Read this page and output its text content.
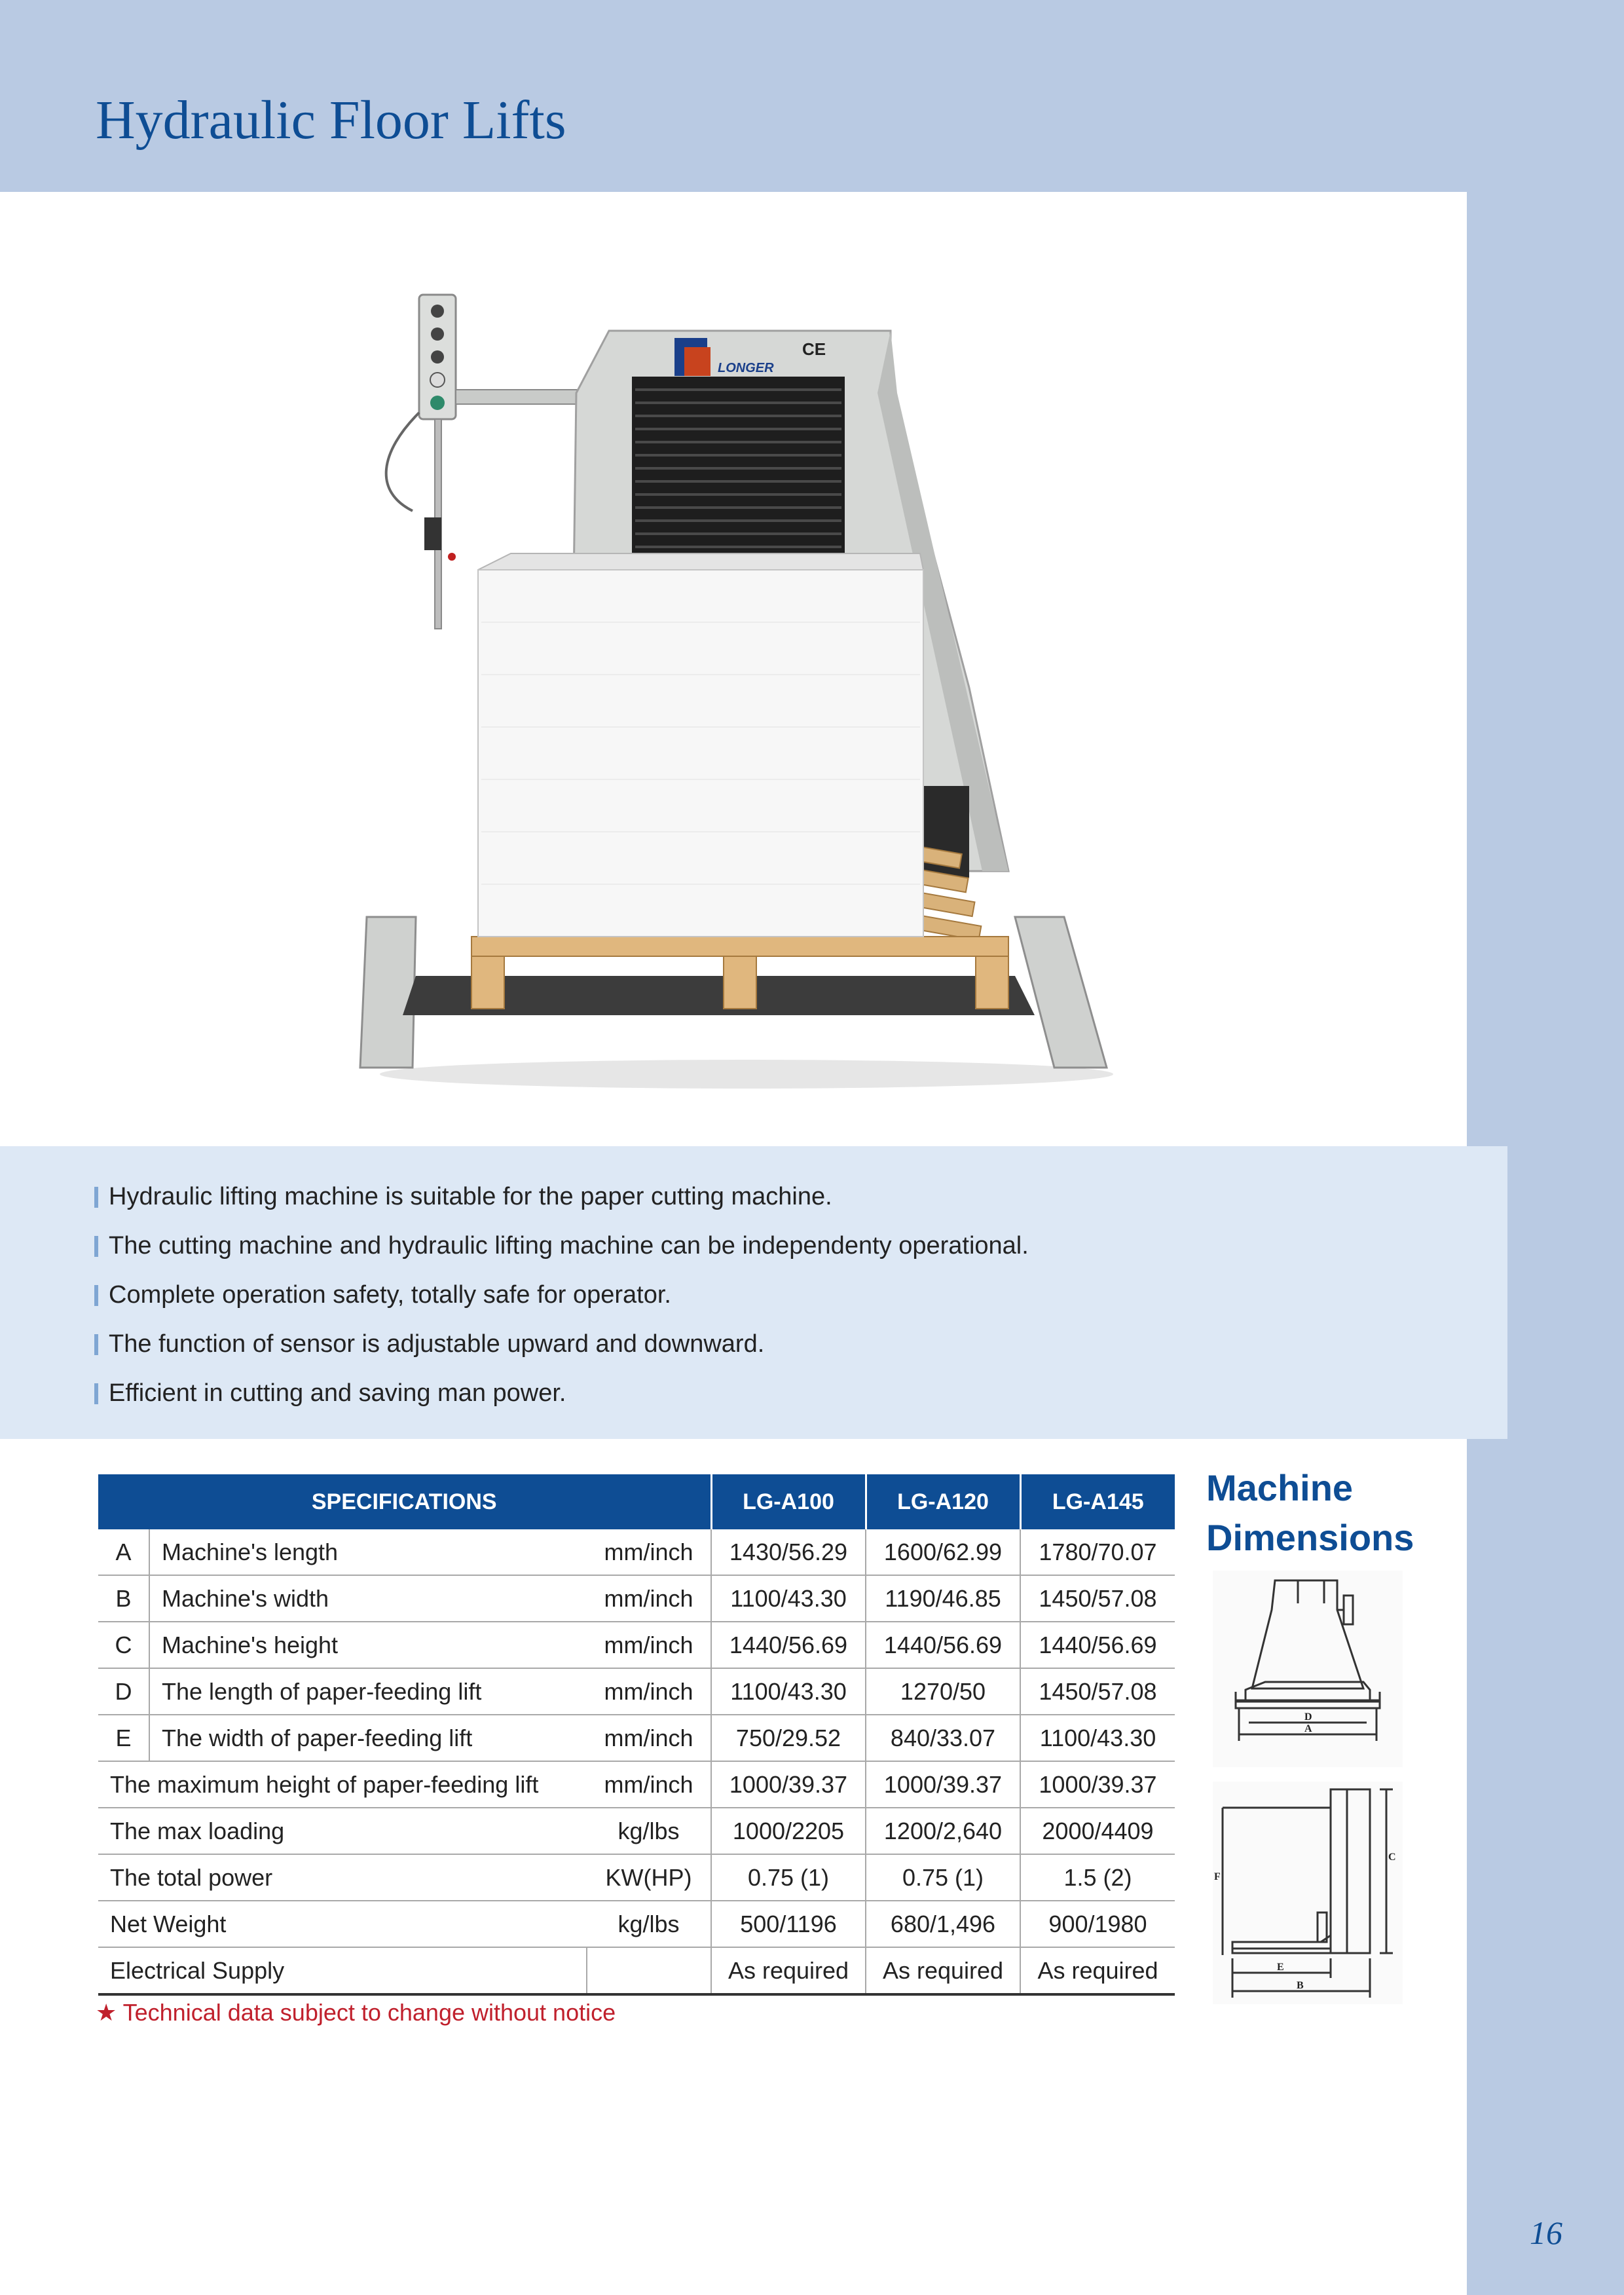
Hydraulic Floor Lifts
LONGER
CE
Hydraulic lifting machine is suitable for the paper cutting machine.
The cutting machine and hydraulic lifting machine can be independenty operational.
Complete operation safety, totally safe for operator.
The function of sensor is adjustable upward and downward.
Efficient in cutting and saving man power.
SPECIFICATIONS			LG-A100	LG-A120	LG-A145
A	Machine's length	mm/inch	1430/56.29	1600/62.99	1780/70.07
B	Machine's width	mm/inch	1100/43.30	1190/46.85	1450/57.08
C	Machine's height	mm/inch	1440/56.69	1440/56.69	1440/56.69
D	The length of paper-feeding lift	mm/inch	1100/43.30	1270/50	1450/57.08
E	The width of paper-feeding lift	mm/inch	750/29.52	840/33.07	1100/43.30
The maximum height of paper-feeding lift		mm/inch	1000/39.37	1000/39.37	1000/39.37
The max loading		kg/lbs	1000/2205	1200/2,640	2000/4409
The total power		KW(HP)	0.75 (1)	0.75 (1)	1.5 (2)
Net Weight		kg/lbs	500/1196	680/1,496	900/1980
Electrical Supply			As required	As required	As required
★ Technical data subject to change without notice
Machine Dimensions
D
A
C
F
E
B
16
